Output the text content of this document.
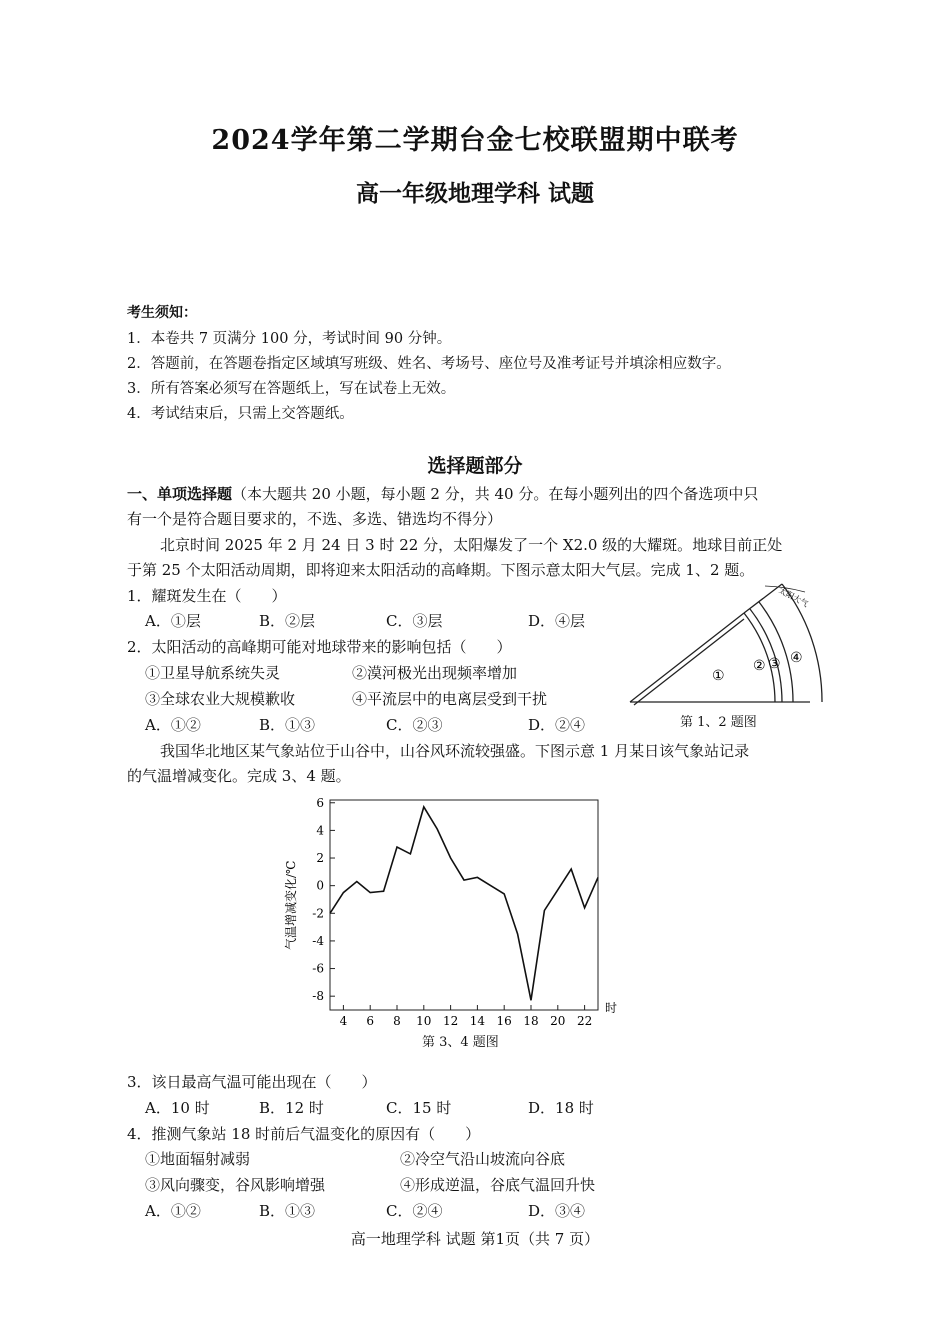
2024学年第二学期台金七校联盟期中联考
高一年级地理学科 试题
考生须知：
1．本卷共 7 页满分 100 分，考试时间 90 分钟。
2．答题前，在答题卷指定区域填写班级、姓名、考场号、座位号及准考证号并填涂相应数字。
3．所有答案必须写在答题纸上，写在试卷上无效。
4．考试结束后，只需上交答题纸。
选择题部分
一、单项选择题（本大题共 20 小题，每小题 2 分，共 40 分。在每小题列出的四个备选项中只
有一个是符合题目要求的，不选、多选、错选均不得分）
北京时间 2025 年 2 月 24 日 3 时 22 分，太阳爆发了一个 X2.0 级的大耀斑。地球目前正处
于第 25 个太阳活动周期，即将迎来太阳活动的高峰期。下图示意太阳大气层。完成 1、2 题。
1．耀斑发生在（　　）
A．①层	B．②层	C．③层	D．④层
2．太阳活动的高峰期可能对地球带来的影响包括（　　）
①卫星导航系统失灵	②漠河极光出现频率增加
③全球农业大规模歉收	④平流层中的电离层受到干扰
A．①②	B．①③	C．②③	D．②④
太阳大气
①
② ③ ④
第 1、2 题图
我国华北地区某气象站位于山谷中，山谷风环流较强盛。下图示意 1 月某日该气象站记录
的气温增减变化。完成 3、4 题。
6
4
2
0
-2
-4
-6
-8
4 6 8 10 12 14 16 18 20 22
时
气温增减变化/℃
第 3、4 题图
3．该日最高气温可能出现在（　　）
A．10 时	B．12 时	C．15 时	D．18 时
4．推测气象站 18 时前后气温变化的原因有（　　）
①地面辐射减弱	②冷空气沿山坡流向谷底
③风向骤变，谷风影响增强	④形成逆温，谷底气温回升快
A．①②	B．①③	C．②④	D．③④
高一地理学科 试题 第1页（共 7 页）
